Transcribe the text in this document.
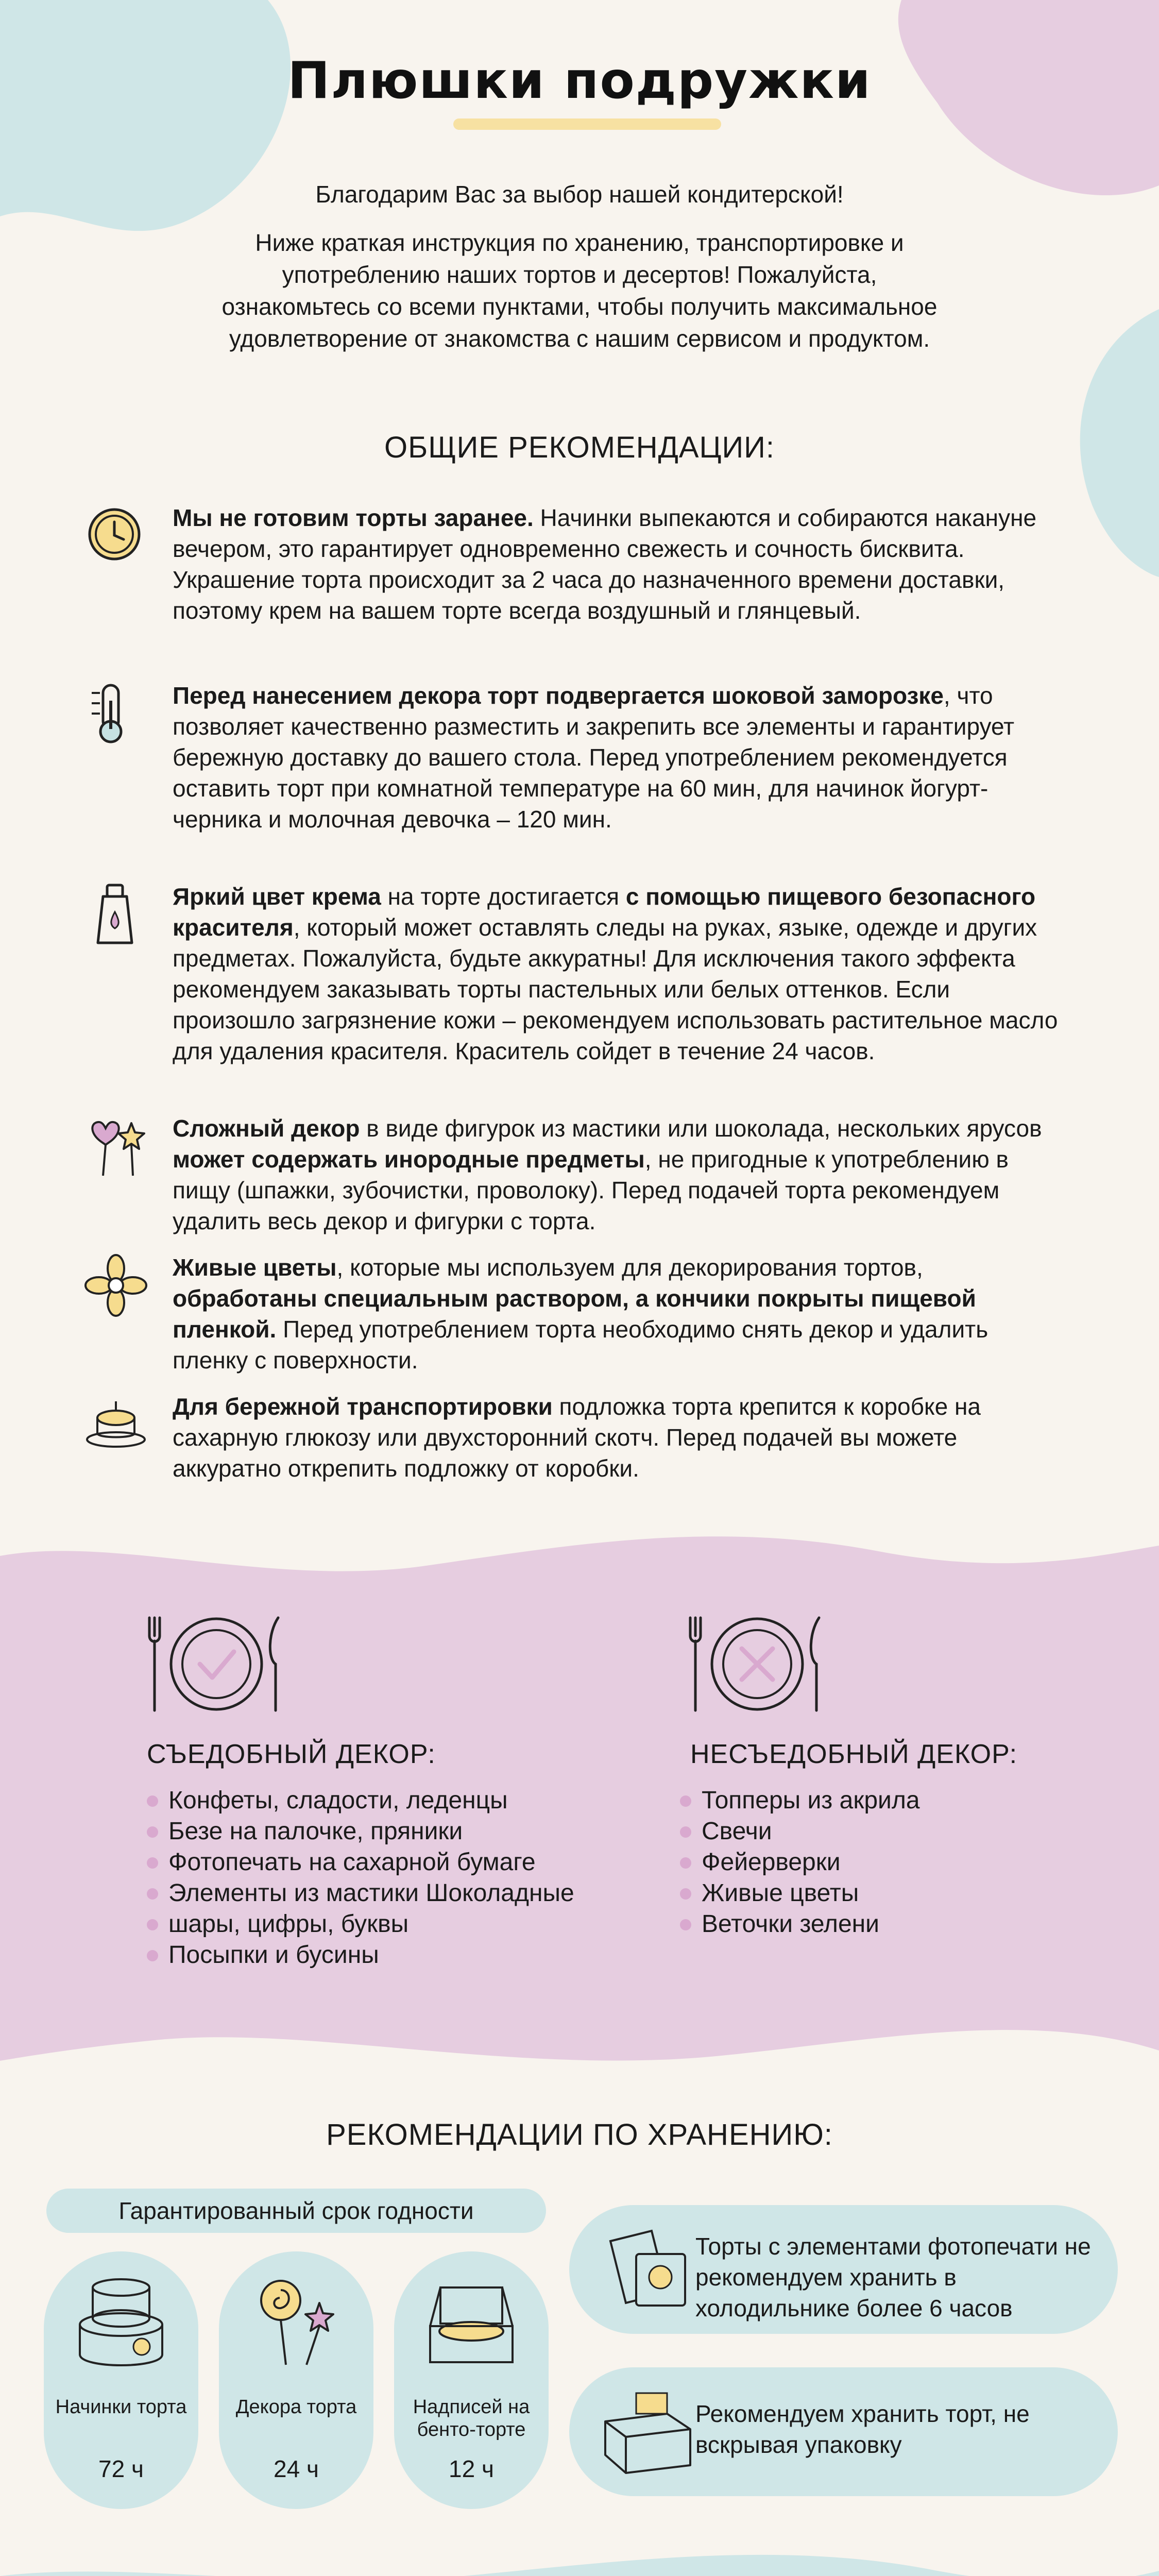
Плюшки подружки
Благодарим Вас за выбор нашей кондитерской!
Ниже краткая инструкция по хранению, транспортировке и употреблению наших тортов и десертов! Пожалуйста, ознакомьтесь со всеми пунктами, чтобы получить максимальное удовлетворение от знакомства с нашим сервисом и продуктом.
ОБЩИЕ РЕКОМЕНДАЦИИ:
Мы не готовим торты заранее. Начинки выпекаются и собираются накануне вечером, это гарантирует одновременно свежесть и сочность бисквита. Украшение торта происходит за 2 часа до назначенного времени доставки, поэтому крем на вашем торте всегда воздушный и глянцевый.
Перед нанесением декора торт подвергается шоковой заморозке, что позволяет качественно разместить и закрепить все элементы и гарантирует бережную доставку до вашего стола. Перед употреблением рекомендуется оставить торт при комнатной температуре на 60 мин, для начинок йогурт-черника и молочная девочка – 120 мин.
Яркий цвет крема на торте достигается с помощью пищевого безопасного красителя, который может оставлять следы на руках, языке, одежде и других предметах. Пожалуйста, будьте аккуратны! Для исключения такого эффекта рекомендуем заказывать торты пастельных или белых оттенков. Если произошло загрязнение кожи – рекомендуем использовать растительное масло для удаления красителя. Краситель сойдет в течение 24 часов.
Сложный декор в виде фигурок из мастики или шоколада, нескольких ярусов может содержать инородные предметы, не пригодные к употреблению в пищу (шпажки, зубочистки, проволоку). Перед подачей торта рекомендуем удалить весь декор и фигурки с торта.
Живые цветы, которые мы используем для декорирования тортов, обработаны специальным раствором, а кончики покрыты пищевой пленкой. Перед употреблением торта необходимо снять декор и удалить пленку с поверхности.
Для бережной транспортировки подложка торта крепится к коробке на сахарную глюкозу или двухсторонний скотч. Перед подачей вы можете аккуратно открепить подложку от коробки.
СЪЕДОБНЫЙ ДЕКОР:
Конфеты, сладости, леденцы
Безе на палочке, пряники
Фотопечать на сахарной бумаге
Элементы из мастики Шоколадные
шары, цифры, буквы
Посыпки и бусины
НЕСЪЕДОБНЫЙ ДЕКОР:
Топперы из акрила
Свечи
Фейерверки
Живые цветы
Веточки зелени
РЕКОМЕНДАЦИИ ПО ХРАНЕНИЮ:
Гарантированный срок годности
Начинки торта
72 ч
Декора торта
24 ч
Надписей на бенто-торте
12 ч
Торты с элементами фотопечати не рекомендуем хранить в холодильнике более 6 часов
Рекомендуем хранить торт, не вскрывая упаковку
